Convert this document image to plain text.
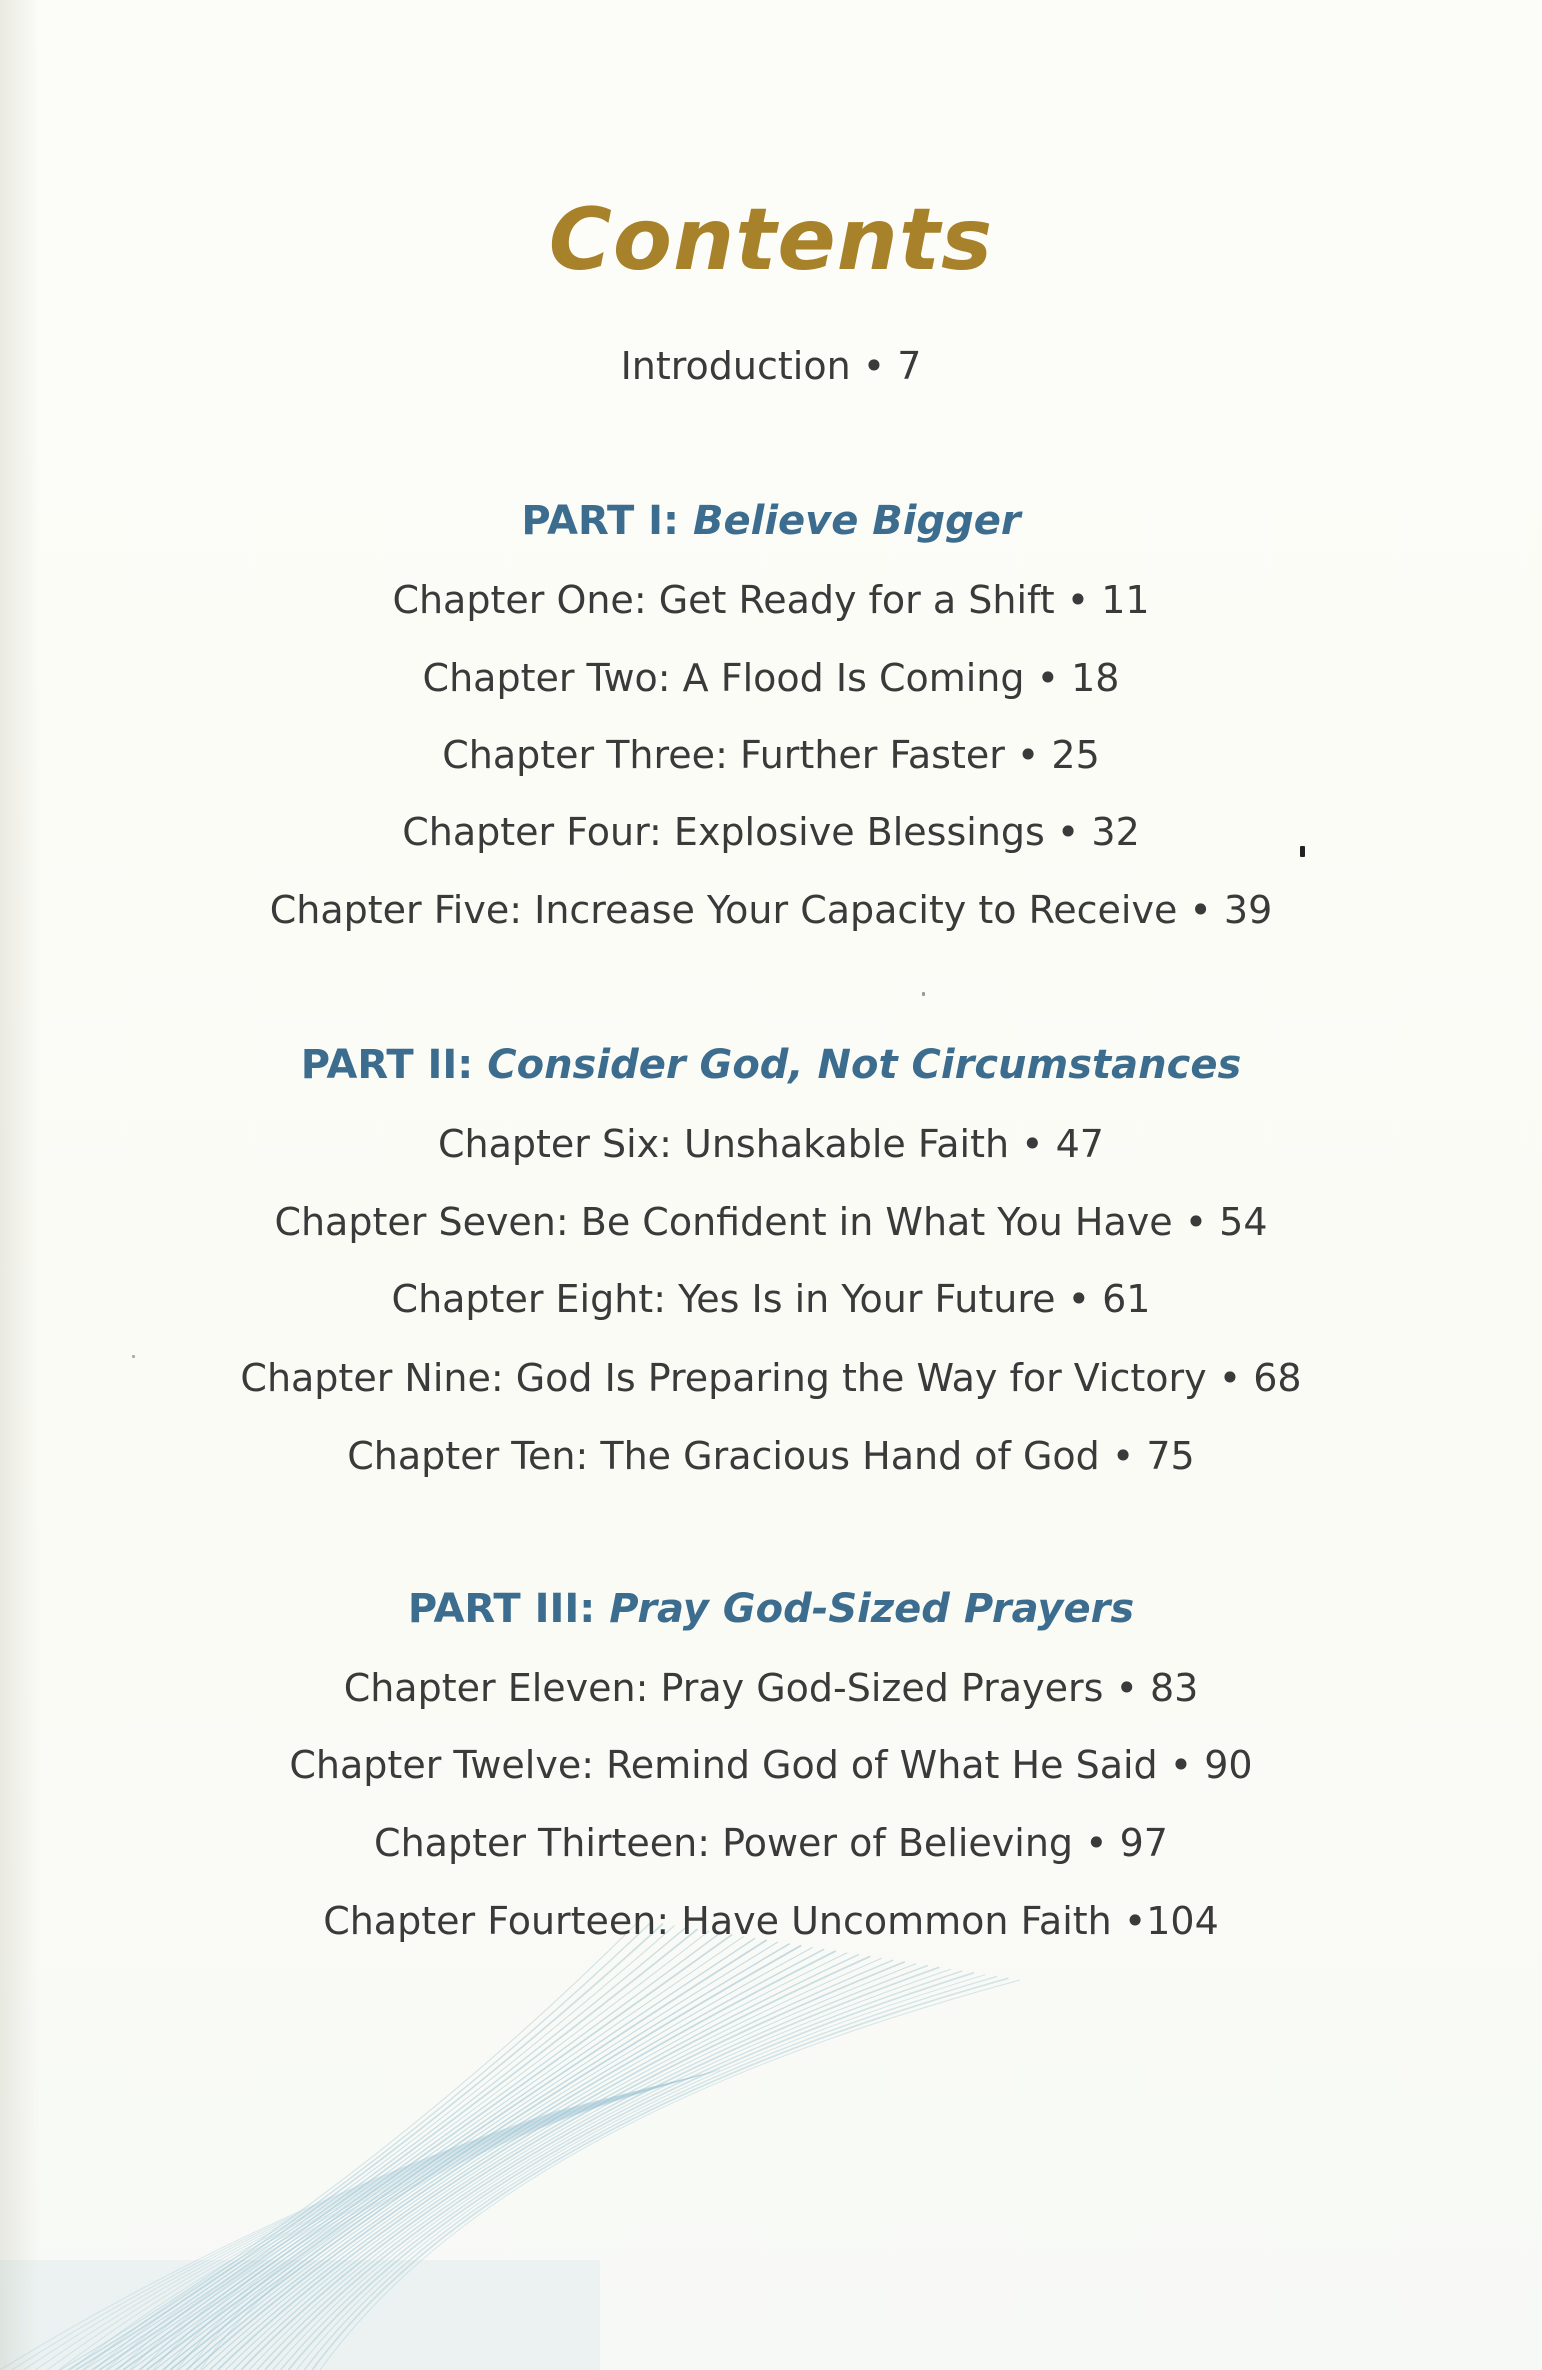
Contents
Introduction • 7
PART I: Believe Bigger
Chapter One: Get Ready for a Shift • 11
Chapter Two: A Flood Is Coming • 18
Chapter Three: Further Faster • 25
Chapter Four: Explosive Blessings • 32
Chapter Five: Increase Your Capacity to Receive • 39
PART II: Consider God, Not Circumstances
Chapter Six: Unshakable Faith • 47
Chapter Seven: Be Confident in What You Have • 54
Chapter Eight: Yes Is in Your Future • 61
Chapter Nine: God Is Preparing the Way for Victory • 68
Chapter Ten: The Gracious Hand of God • 75
PART III: Pray God-Sized Prayers
Chapter Eleven: Pray God-Sized Prayers • 83
Chapter Twelve: Remind God of What He Said • 90
Chapter Thirteen: Power of Believing • 97
Chapter Fourteen: Have Uncommon Faith •104
